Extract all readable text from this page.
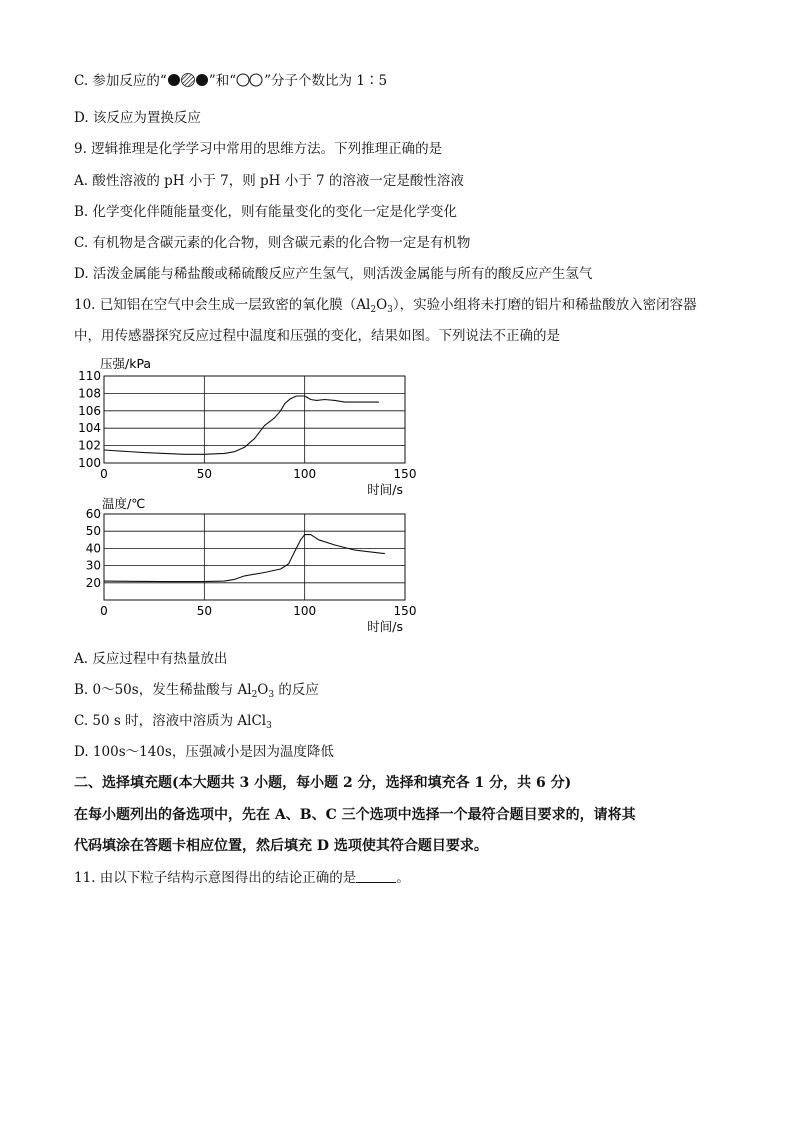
C. 参加反应的“	”和“ ”分子个数比为 1∶5
D. 该反应为置换反应
9. 逻辑推理是化学学习中常用的思维方法。下列推理正确的是
A. 酸性溶液的 pH 小于 7，则 pH 小于 7 的溶液一定是酸性溶液
B. 化学变化伴随能量变化，则有能量变化的变化一定是化学变化
C. 有机物是含碳元素的化合物，则含碳元素的化合物一定是有机物
D. 活泼金属能与稀盐酸或稀硫酸反应产生氢气，则活泼金属能与所有的酸反应产生氢气
10. 已知铝在空气中会生成一层致密的氧化膜$(Al_2O_3)$，实验小组将未打磨的铝片和稀盐酸放入密闭容器
中，用传感器探究反应过程中温度和压强的变化，结果如图。下列说法不正确的是
100
102
104
106
108
110
0	50	100	150
压强/kPa
时间/s
20
30
40
50
60
0	50	100	150
温度/℃
时间/s
A. 反应过程中有热量放出
B. 0～50s，发生稀盐酸与 $Al_2O_3$ 的反应
C. 50 s 时，溶液中溶质为 AlCl$_3$
D. 100s～140s，压强减小是因为温度降低
二、选择填充题(本大题共 3 小题，每小题 2 分，选择和填充各 1 分，共 6 分)
在每小题列出的备选项中，先在 A、B、C 三个选项中选择一个最符合题目要求的，请将其
代码填涂在答题卡相应位置，然后填充 D 选项使其符合题目要求。
11. 由以下粒子结构示意图得出的结论正确的是	。
